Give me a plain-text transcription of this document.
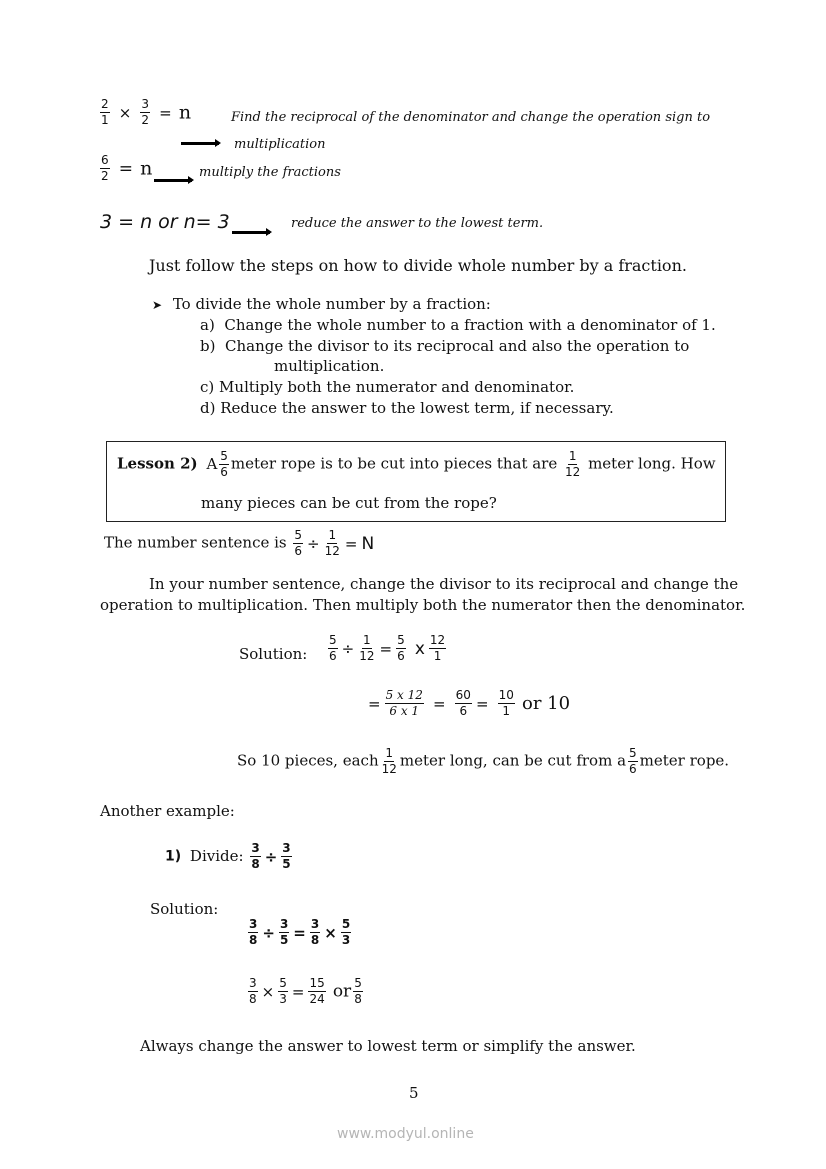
$\frac{2}{1} \times \frac{3}{2} = n$	Find the reciprocal of the denominator and change the operation sign to
multiplication
$\frac{6}{2} = n$	multiply the fractions
3 = n or n= 3	reduce the answer to the lowest term.
Just follow the steps on how to divide whole number by a fraction.
➤ To divide the whole number by a fraction:
a) Change the whole number to a fraction with a denominator of 1.
b) Change the divisor to its reciprocal and also the operation to
multiplication.
c) Multiply both the numerator and denominator.
d) Reduce the answer to the lowest term, if necessary.
Lesson 2) A $\frac{5}{6}$ meter rope is to be cut into pieces that are $\frac{1}{12}$ meter long. How
many pieces can be cut from the rope?
The number sentence is $\frac{5}{6} \div \frac{1}{12} = N$
In your number sentence, change the divisor to its reciprocal and change the
operation to multiplication. Then multiply both the numerator then the denominator.
Solution: $\frac{5}{6} \div \frac{1}{12} = \frac{5}{6}$ x $\frac{12}{1}$
= $\frac{5 x 12}{6 x 1} = \frac{60}{6} = \frac{10}{1}$ or 10
So 10 pieces, each $\frac{1}{12}$ meter long, can be cut from a $\frac{5}{6}$ meter rope.
Another example:
1) Divide: $\frac{3}{8} \div \frac{3}{5}$
Solution:
$\frac{3}{8} \div \frac{3}{5} = \frac{3}{8} \times \frac{5}{3}$
$\frac{3}{8} \times \frac{5}{3} = \frac{15}{24}$ or $\frac{5}{8}$
Always change the answer to lowest term or simplify the answer.
5
www.modyul.online
